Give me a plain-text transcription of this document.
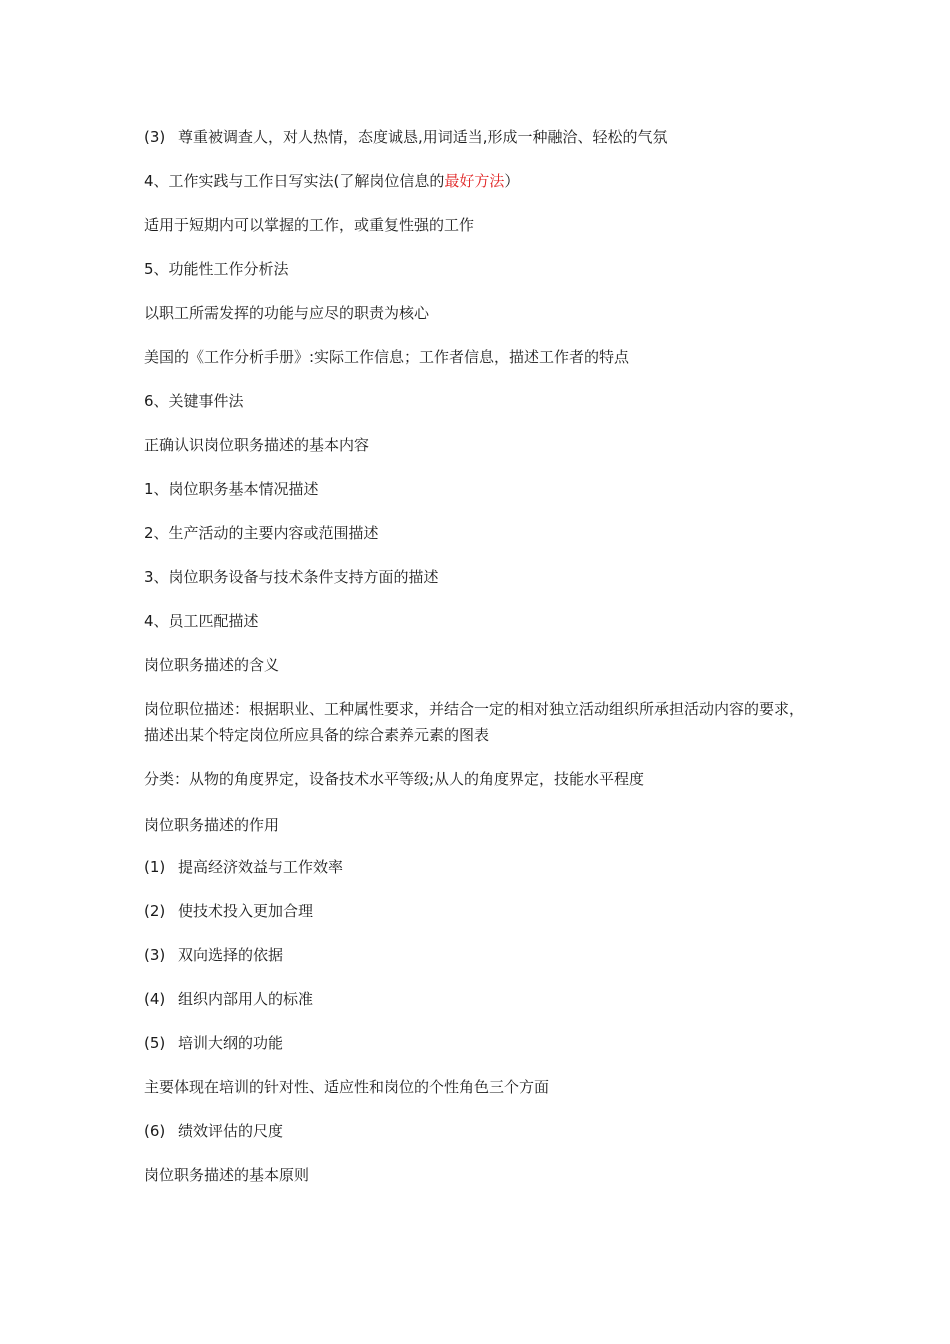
(3) 尊重被调查人，对人热情，态度诚恳,用词适当,形成一种融洽、轻松的气氛
4、工作实践与工作日写实法(了解岗位信息的最好方法）
适用于短期内可以掌握的工作，或重复性强的工作
5、功能性工作分析法
以职工所需发挥的功能与应尽的职责为核心
美国的《工作分析手册》:实际工作信息；工作者信息，描述工作者的特点
6、关键事件法
正确认识岗位职务描述的基本内容
1、岗位职务基本情况描述
2、生产活动的主要内容或范围描述
3、岗位职务设备与技术条件支持方面的描述
4、员工匹配描述
岗位职务描述的含义
岗位职位描述：根据职业、工种属性要求，并结合一定的相对独立活动组织所承担活动内容的要求，描述出某个特定岗位所应具备的综合素养元素的图表
分类：从物的角度界定，设备技术水平等级;从人的角度界定，技能水平程度
岗位职务描述的作用
(1) 提高经济效益与工作效率
(2) 使技术投入更加合理
(3) 双向选择的依据
(4) 组织内部用人的标准
(5) 培训大纲的功能
主要体现在培训的针对性、适应性和岗位的个性角色三个方面
(6) 绩效评估的尺度
岗位职务描述的基本原则
